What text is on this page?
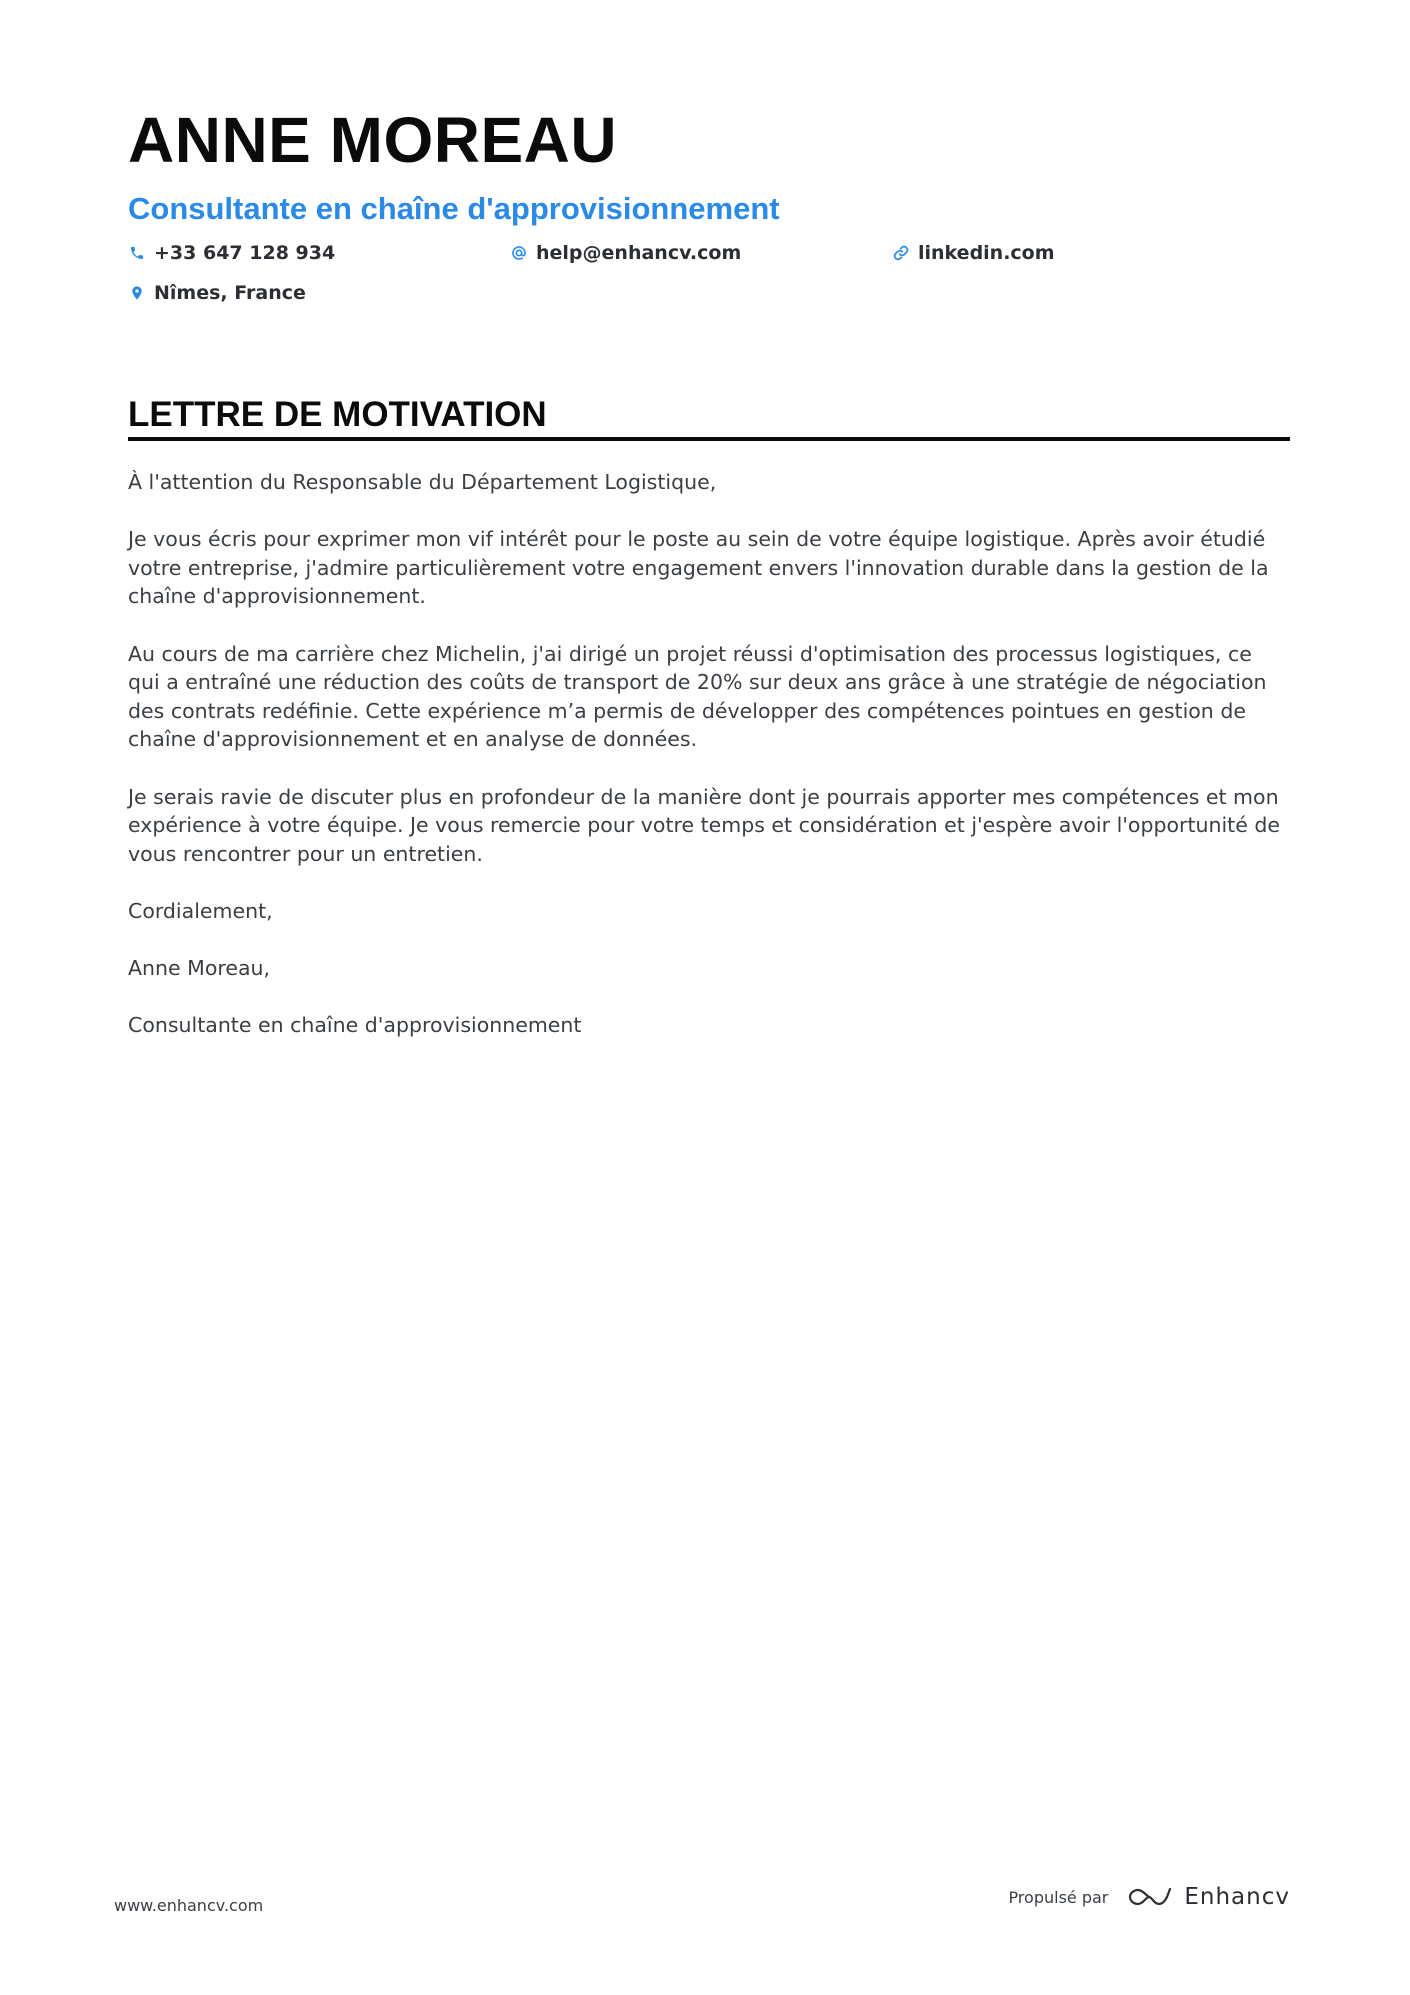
ANNE MOREAU
Consultante en chaîne d'approvisionnement
+33 647 128 934	help@enhancv.com	linkedin.com
Nîmes, France
LETTRE DE MOTIVATION

À l'attention du Responsable du Département Logistique,

Je vous écris pour exprimer mon vif intérêt pour le poste au sein de votre équipe logistique. Après avoir étudié votre entreprise, j'admire particulièrement votre engagement envers l'innovation durable dans la gestion de la chaîne d'approvisionnement.

Au cours de ma carrière chez Michelin, j'ai dirigé un projet réussi d'optimisation des processus logistiques, ce qui a entraîné une réduction des coûts de transport de 20% sur deux ans grâce à une stratégie de négociation des contrats redéfinie. Cette expérience m’a permis de développer des compétences pointues en gestion de chaîne d'approvisionnement et en analyse de données.

Je serais ravie de discuter plus en profondeur de la manière dont je pourrais apporter mes compétences et mon expérience à votre équipe. Je vous remercie pour votre temps et considération et j'espère avoir l'opportunité de vous rencontrer pour un entretien.

Cordialement,

Anne Moreau,

Consultante en chaîne d'approvisionnement

www.enhancv.com	Propulsé par	Enhancv
